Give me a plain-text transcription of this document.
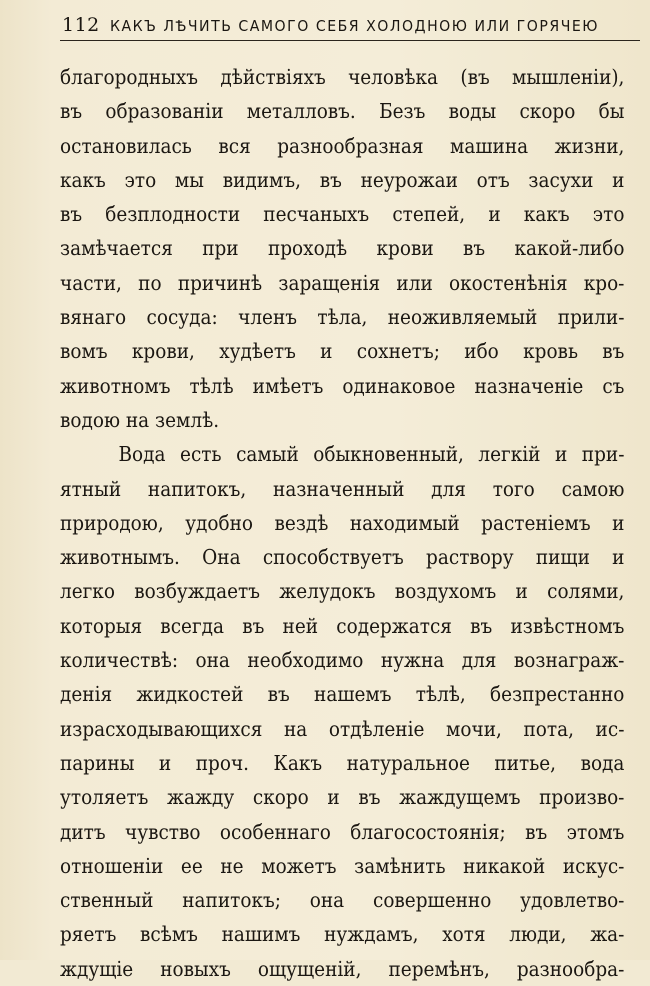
112 КАКЪ ЛѢЧИТЬ САМОГО СЕБЯ ХОЛОДНОЮ ИЛИ ГОРЯЧЕЮ
благородныхъ дѣйствіяхъ человѣка (въ мышленіи),
въ образованіи металловъ. Безъ воды скоро бы
остановилась вся разнообразная машина жизни,
какъ это мы видимъ, въ неурожаи отъ засухи и
въ безплодности песчаныхъ степей, и какъ это
замѣчается при проходѣ крови въ какой-либо
части, по причинѣ заращенія или окостенѣнія кро-
вянаго сосуда: членъ тѣла, неоживляемый прили-
вомъ крови, худѣетъ и сохнетъ; ибо кровь въ
животномъ тѣлѣ имѣетъ одинаковое назначеніе съ
водою на землѣ.
Вода есть самый обыкновенный, легкій и при-
ятный напитокъ, назначенный для того самою
природою, удобно вездѣ находимый растеніемъ и
животнымъ. Она способствуетъ раствору пищи и
легко возбуждаетъ желудокъ воздухомъ и солями,
которыя всегда въ ней содержатся въ извѣстномъ
количествѣ: она необходимо нужна для вознаграж-
денія жидкостей въ нашемъ тѣлѣ, безпрестанно
израсходывающихся на отдѣленіе мочи, пота, ис-
парины и проч. Какъ натуральное питье, вода
утоляетъ жажду скоро и въ жаждущемъ произво-
дитъ чувство особеннаго благосостоянія; въ этомъ
отношеніи ее не можетъ замѣнить никакой искус-
ственный напитокъ; она совершенно удовлетво-
ряетъ всѣмъ нашимъ нуждамъ, хотя люди, жа-
ждущіе новыхъ ощущеній, перемѣнъ, разнообра-
